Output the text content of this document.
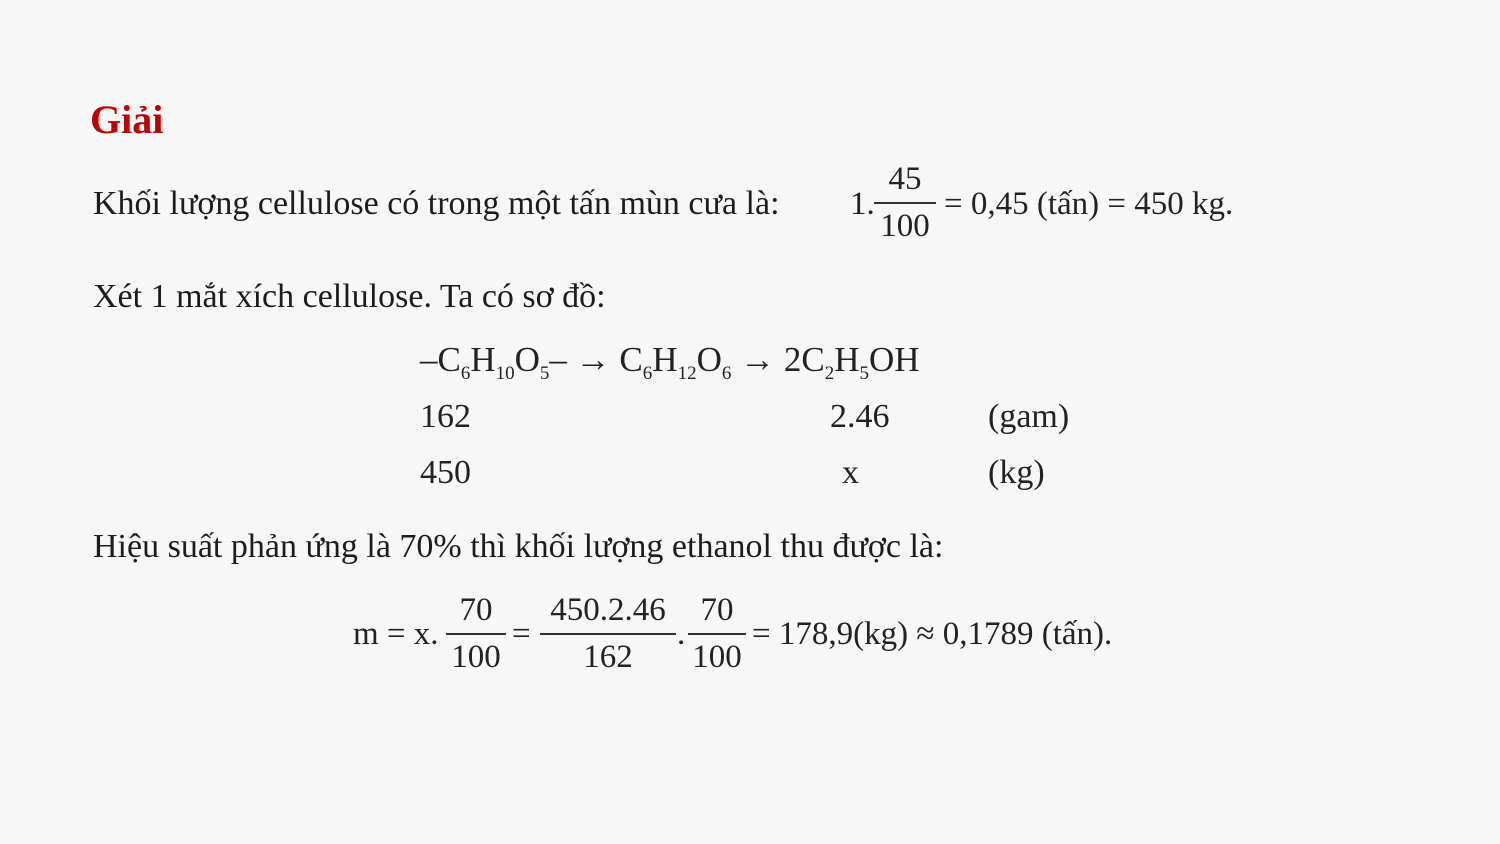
Giải
Khối lượng cellulose có trong một tấn mùn cưa là: 1.
45
100
= 0,45 (tấn) = 450 kg.
Xét 1 mắt xích cellulose. Ta có sơ đồ:
$-C_6H_{10}O_5- \to C_6H_{12}O_6 \to 2C_2H_5OH$
162	2.46	(gam)
450	x	(kg)
Hiệu suất phản ứng là 70% thì khối lượng ethanol thu được là:
m = x.
70
100
=
450.2.46
162
.
70
100
= 178,9(kg) ≈ 0,1789 (tấn).
